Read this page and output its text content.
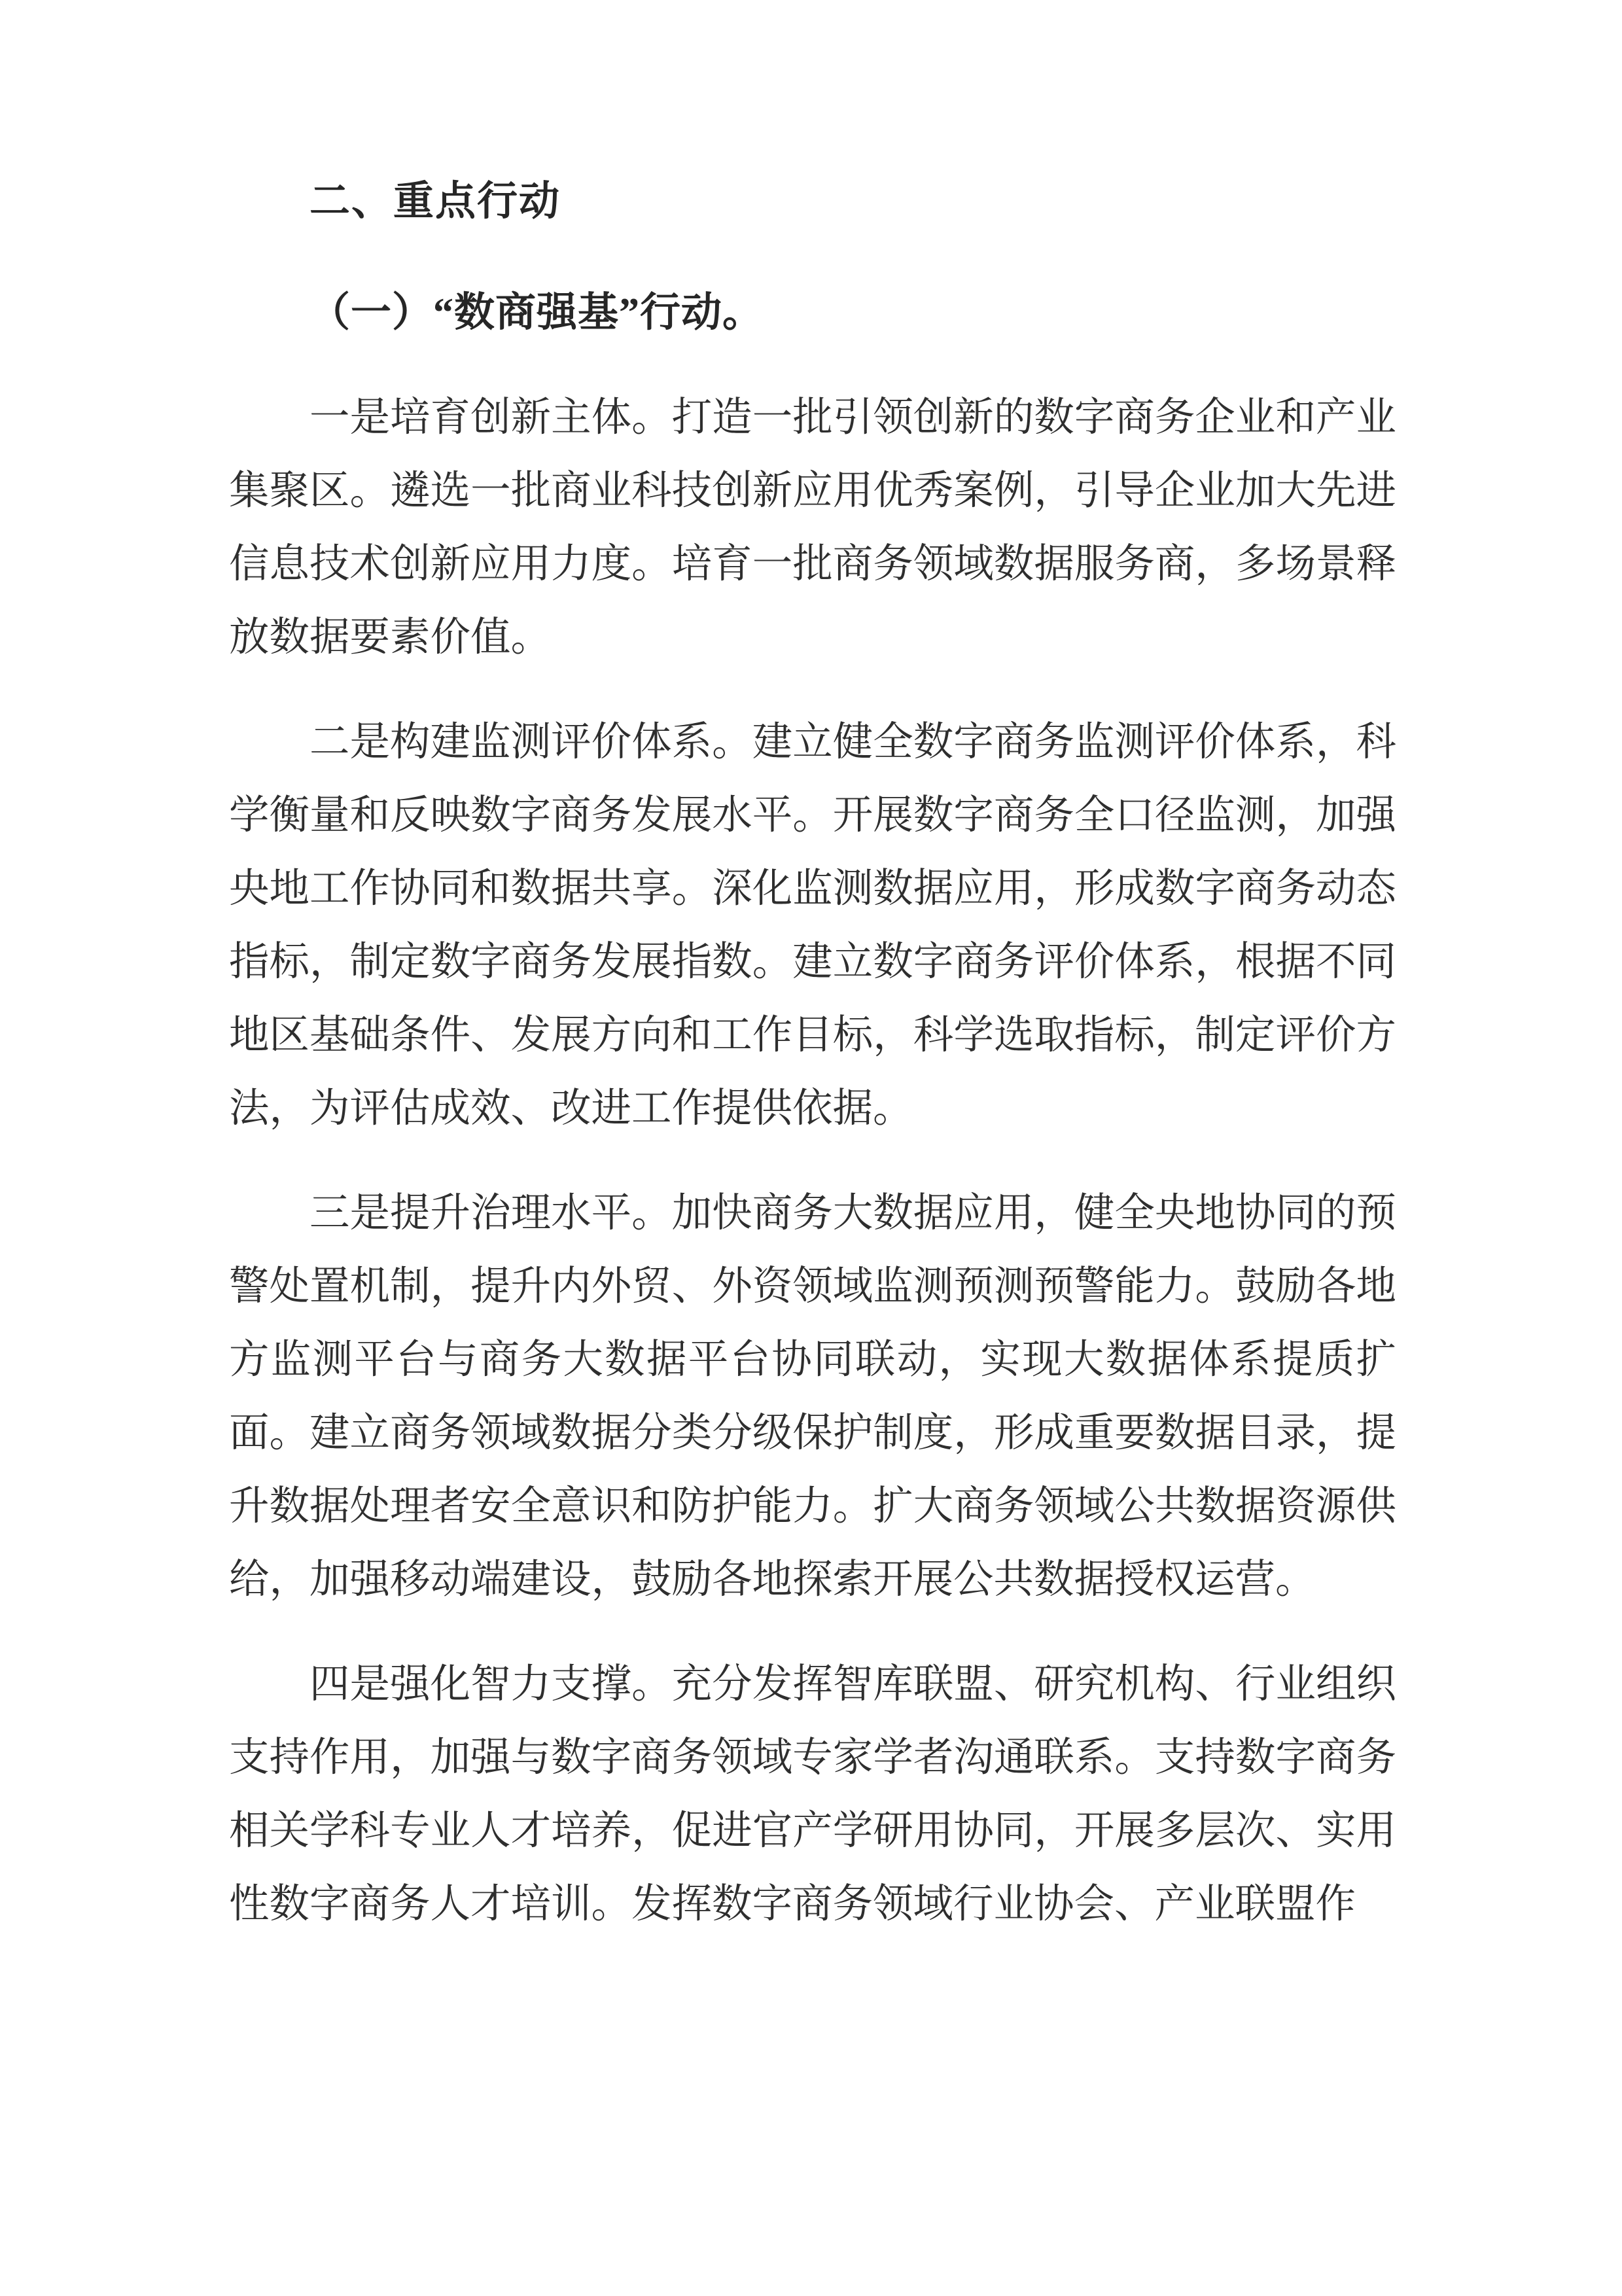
二、重点行动
（一）“数商强基”行动。

一是培育创新主体。打造一批引领创新的数字商务企业和产业集聚区。遴选一批商业科技创新应用优秀案例，引导企业加大先进信息技术创新应用力度。培育一批商务领域数据服务商，多场景释放数据要素价值。

二是构建监测评价体系。建立健全数字商务监测评价体系，科学衡量和反映数字商务发展水平。开展数字商务全口径监测，加强央地工作协同和数据共享。深化监测数据应用，形成数字商务动态指标，制定数字商务发展指数。建立数字商务评价体系，根据不同地区基础条件、发展方向和工作目标，科学选取指标，制定评价方法，为评估成效、改进工作提供依据。

三是提升治理水平。加快商务大数据应用，健全央地协同的预警处置机制，提升内外贸、外资领域监测预测预警能力。鼓励各地方监测平台与商务大数据平台协同联动，实现大数据体系提质扩面。建立商务领域数据分类分级保护制度，形成重要数据目录，提升数据处理者安全意识和防护能力。扩大商务领域公共数据资源供给，加强移动端建设，鼓励各地探索开展公共数据授权运营。

四是强化智力支撑。充分发挥智库联盟、研究机构、行业组织支持作用，加强与数字商务领域专家学者沟通联系。支持数字商务相关学科专业人才培养，促进官产学研用协同，开展多层次、实用性数字商务人才培训。发挥数字商务领域行业协会、产业联盟作
